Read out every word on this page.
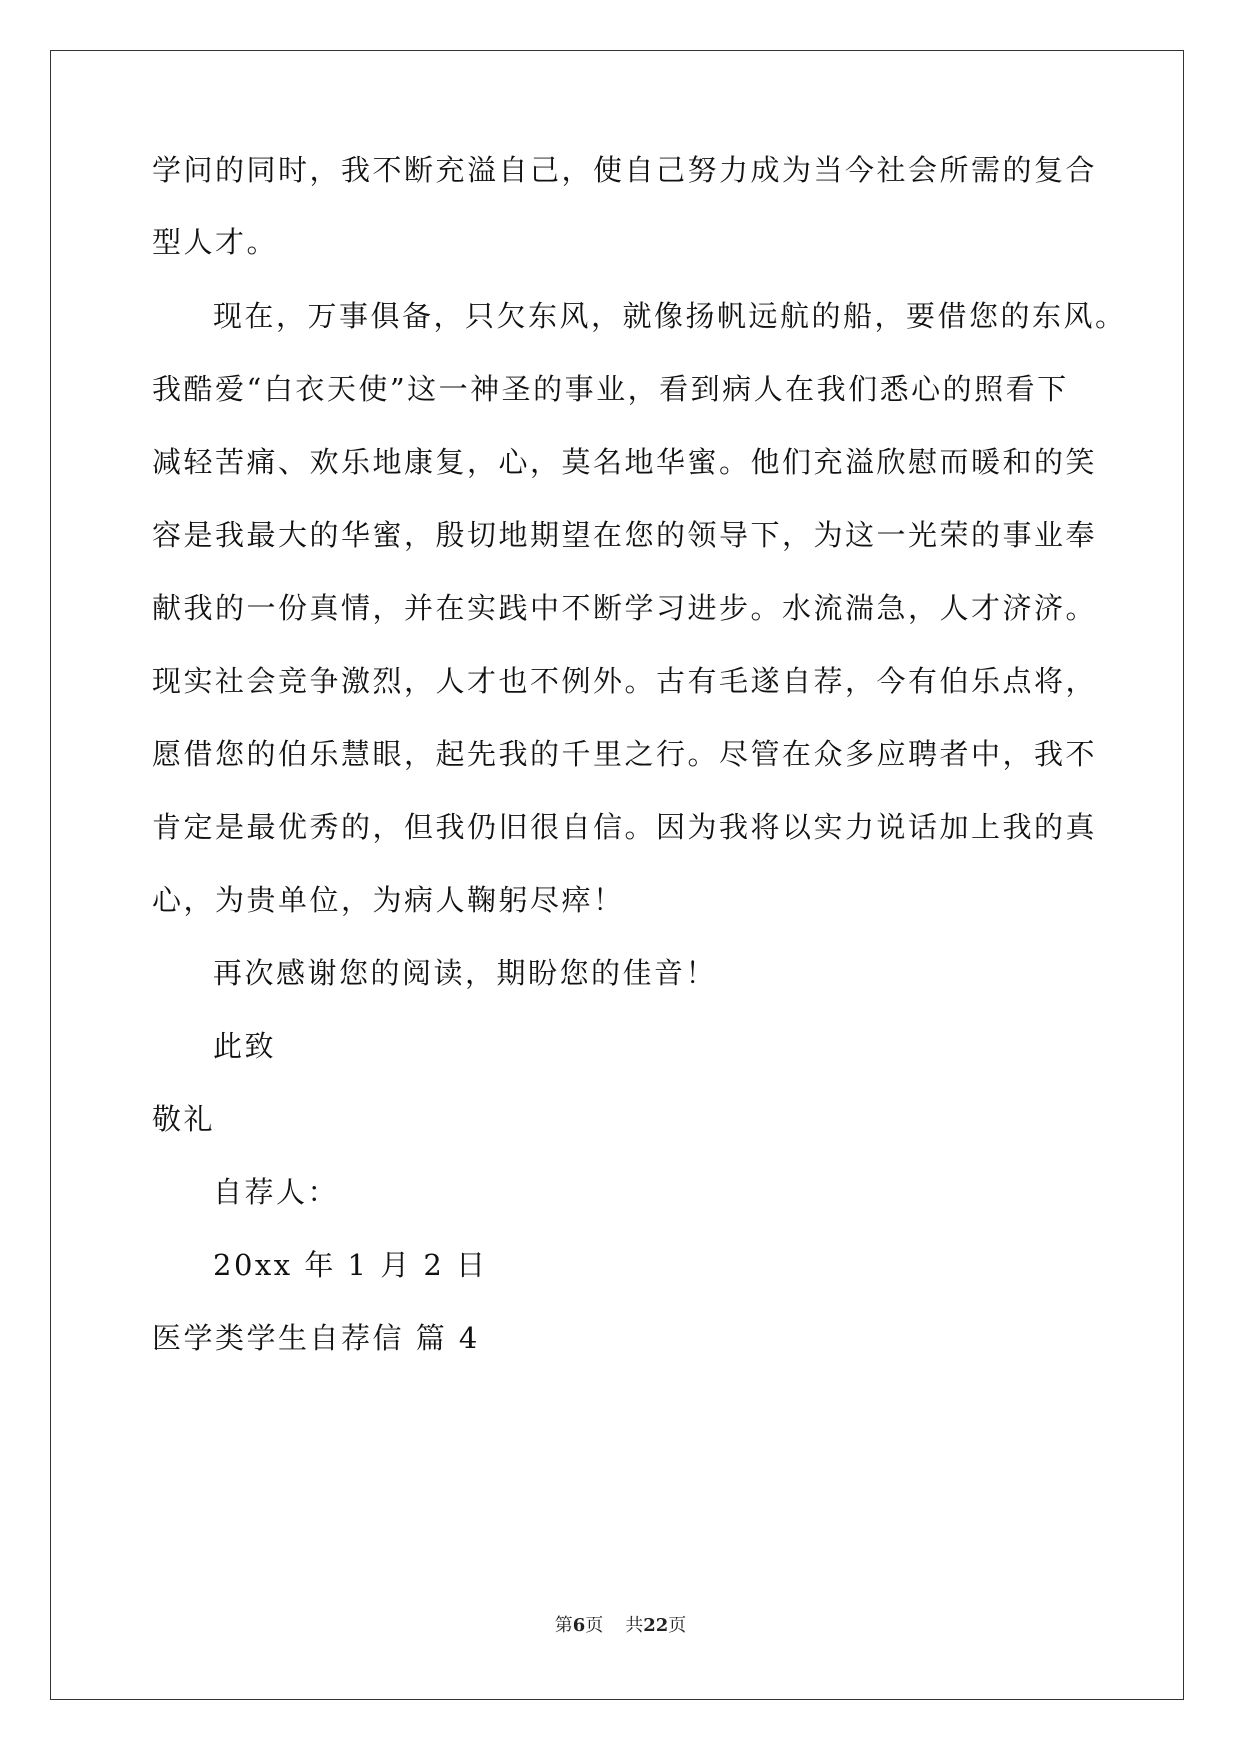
学问的同时，我不断充溢自己，使自己努力成为当今社会所需的复合
型人才。
现在，万事俱备，只欠东风，就像扬帆远航的船，要借您的东风。
我酷爱“白衣天使”这一神圣的事业，看到病人在我们悉心的照看下
减轻苦痛、欢乐地康复，心，莫名地华蜜。他们充溢欣慰而暖和的笑
容是我最大的华蜜，殷切地期望在您的领导下，为这一光荣的事业奉
献我的一份真情，并在实践中不断学习进步。水流湍急，人才济济。
现实社会竞争激烈，人才也不例外。古有毛遂自荐，今有伯乐点将，
愿借您的伯乐慧眼，起先我的千里之行。尽管在众多应聘者中，我不
肯定是最优秀的，但我仍旧很自信。因为我将以实力说话加上我的真
心，为贵单位，为病人鞠躬尽瘁！
再次感谢您的阅读，期盼您的佳音！
此致
敬礼
自荐人：
20xx 年 1 月 2 日
医学类学生自荐信 篇 4
第6页 共22页
